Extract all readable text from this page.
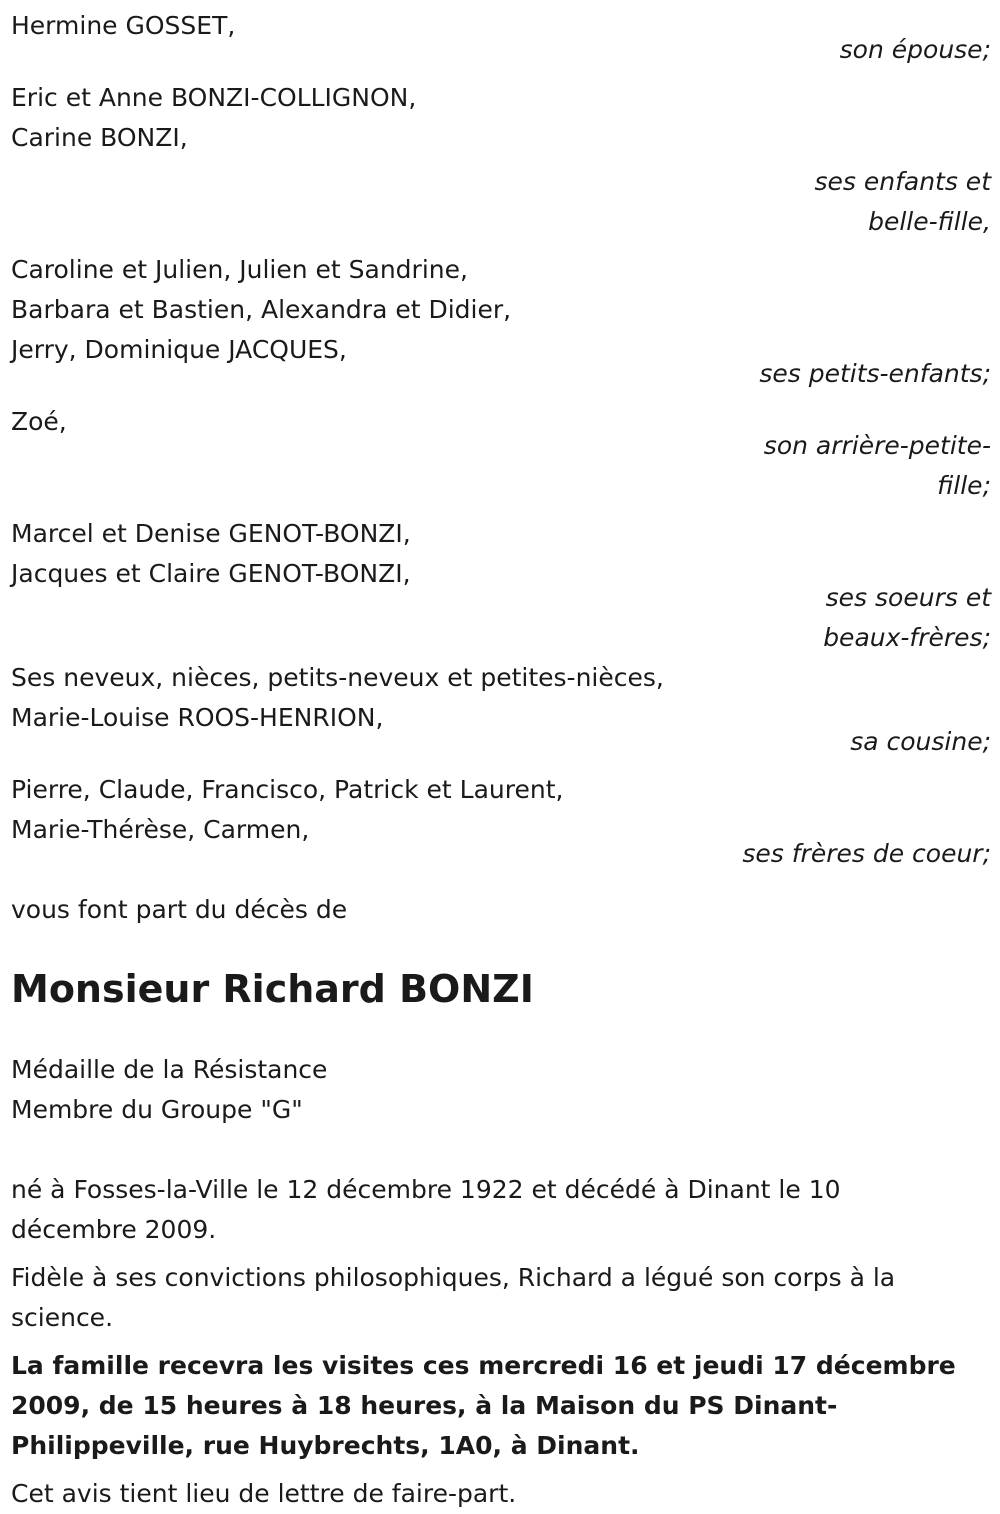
Hermine GOSSET,

son épouse;

Eric et Anne BONZI-COLLIGNON,

Carine BONZI,

ses enfants et belle-fille,

Caroline et Julien, Julien et Sandrine,

Barbara et Bastien, Alexandra et Didier,

Jerry, Dominique JACQUES,

ses petits-enfants;

Zoé,

son arrière-petite-fille;

Marcel et Denise GENOT-BONZI,

Jacques et Claire GENOT-BONZI,

ses soeurs et beaux-frères;

Ses neveux, nièces, petits-neveux et petites-nièces,

Marie-Louise ROOS-HENRION,

sa cousine;

Pierre, Claude, Francisco, Patrick et Laurent,

Marie-Thérèse, Carmen,

ses frères de coeur;

vous font part du décès de

Monsieur Richard BONZI

Médaille de la Résistance

Membre du Groupe "G"

né à Fosses-la-Ville le 12 décembre 1922 et décédé à Dinant le 10 décembre 2009.

Fidèle à ses convictions philosophiques, Richard a légué son corps à la science.

La famille recevra les visites ces mercredi 16 et jeudi 17 décembre 2009, de 15 heures à 18 heures, à la Maison du PS Dinant-Philippeville, rue Huybrechts, 1A0, à Dinant.

Cet avis tient lieu de lettre de faire-part.
